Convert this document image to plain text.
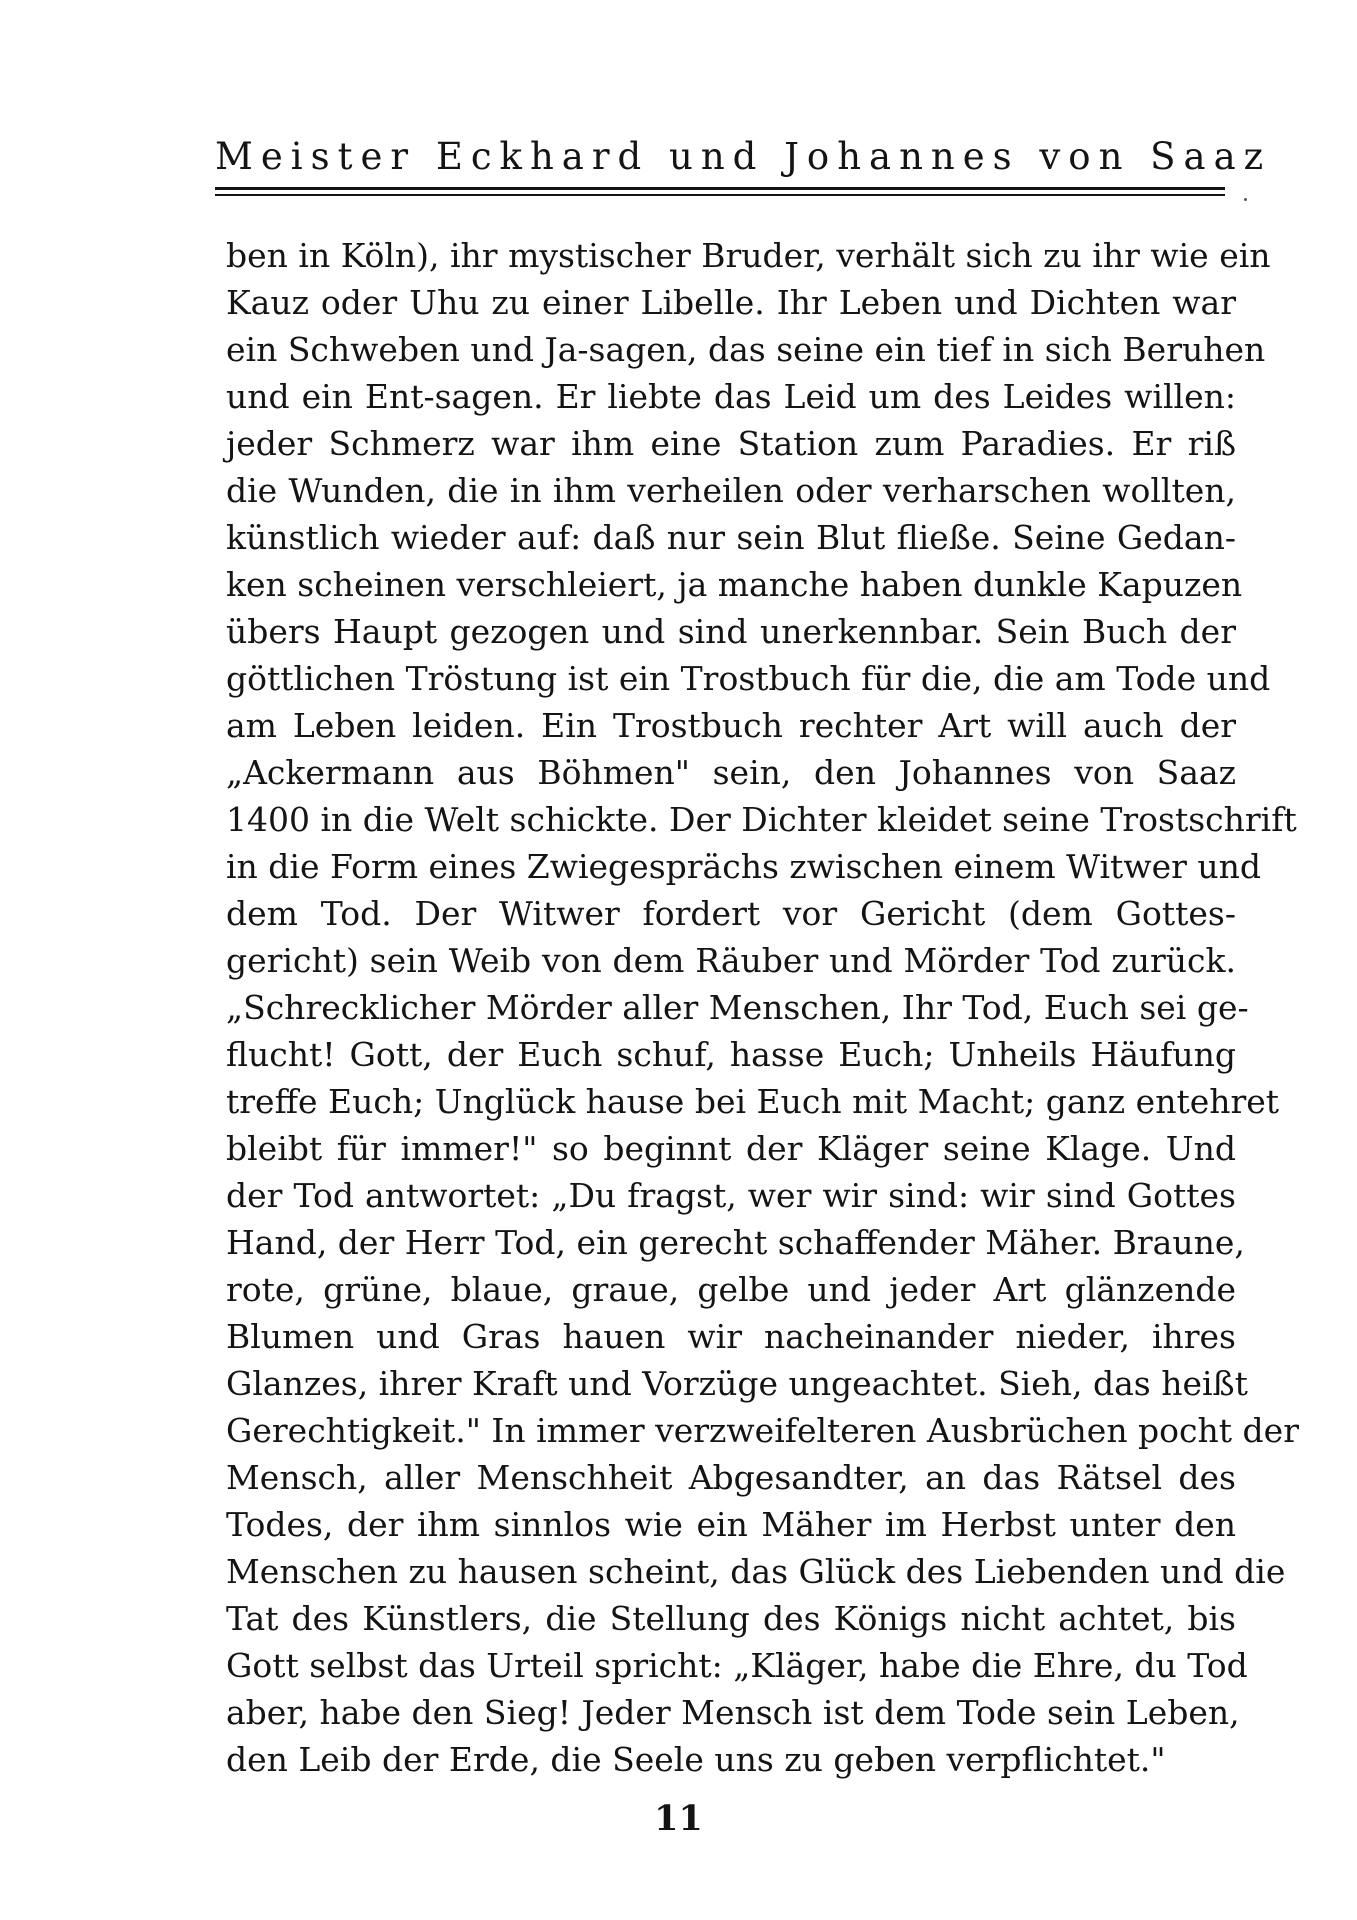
Meister Eckhard und Johannes von Saaz
ben in Köln), ihr mystischer Bruder, verhält sich zu ihr wie ein
Kauz oder Uhu zu einer Libelle. Ihr Leben und Dichten war
ein Schweben und Ja-sagen, das seine ein tief in sich Beruhen
und ein Ent-sagen. Er liebte das Leid um des Leides willen:
jeder Schmerz war ihm eine Station zum Paradies. Er riß
die Wunden, die in ihm verheilen oder verharschen wollten,
künstlich wieder auf: daß nur sein Blut fließe. Seine Gedan-
ken scheinen verschleiert, ja manche haben dunkle Kapuzen
übers Haupt gezogen und sind unerkennbar. Sein Buch der
göttlichen Tröstung ist ein Trostbuch für die, die am Tode und
am Leben leiden. Ein Trostbuch rechter Art will auch der
„Ackermann aus Böhmen" sein, den Johannes von Saaz
1400 in die Welt schickte. Der Dichter kleidet seine Trostschrift
in die Form eines Zwiegesprächs zwischen einem Witwer und
dem Tod. Der Witwer fordert vor Gericht (dem Gottes-
gericht) sein Weib von dem Räuber und Mörder Tod zurück.
„Schrecklicher Mörder aller Menschen, Ihr Tod, Euch sei ge-
flucht! Gott, der Euch schuf, hasse Euch; Unheils Häufung
treffe Euch; Unglück hause bei Euch mit Macht; ganz entehret
bleibt für immer!" so beginnt der Kläger seine Klage. Und
der Tod antwortet: „Du fragst, wer wir sind: wir sind Gottes
Hand, der Herr Tod, ein gerecht schaffender Mäher. Braune,
rote, grüne, blaue, graue, gelbe und jeder Art glänzende
Blumen und Gras hauen wir nacheinander nieder, ihres
Glanzes, ihrer Kraft und Vorzüge ungeachtet. Sieh, das heißt
Gerechtigkeit." In immer verzweifelteren Ausbrüchen pocht der
Mensch, aller Menschheit Abgesandter, an das Rätsel des
Todes, der ihm sinnlos wie ein Mäher im Herbst unter den
Menschen zu hausen scheint, das Glück des Liebenden und die
Tat des Künstlers, die Stellung des Königs nicht achtet, bis
Gott selbst das Urteil spricht: „Kläger, habe die Ehre, du Tod
aber, habe den Sieg! Jeder Mensch ist dem Tode sein Leben,
den Leib der Erde, die Seele uns zu geben verpflichtet."
11
